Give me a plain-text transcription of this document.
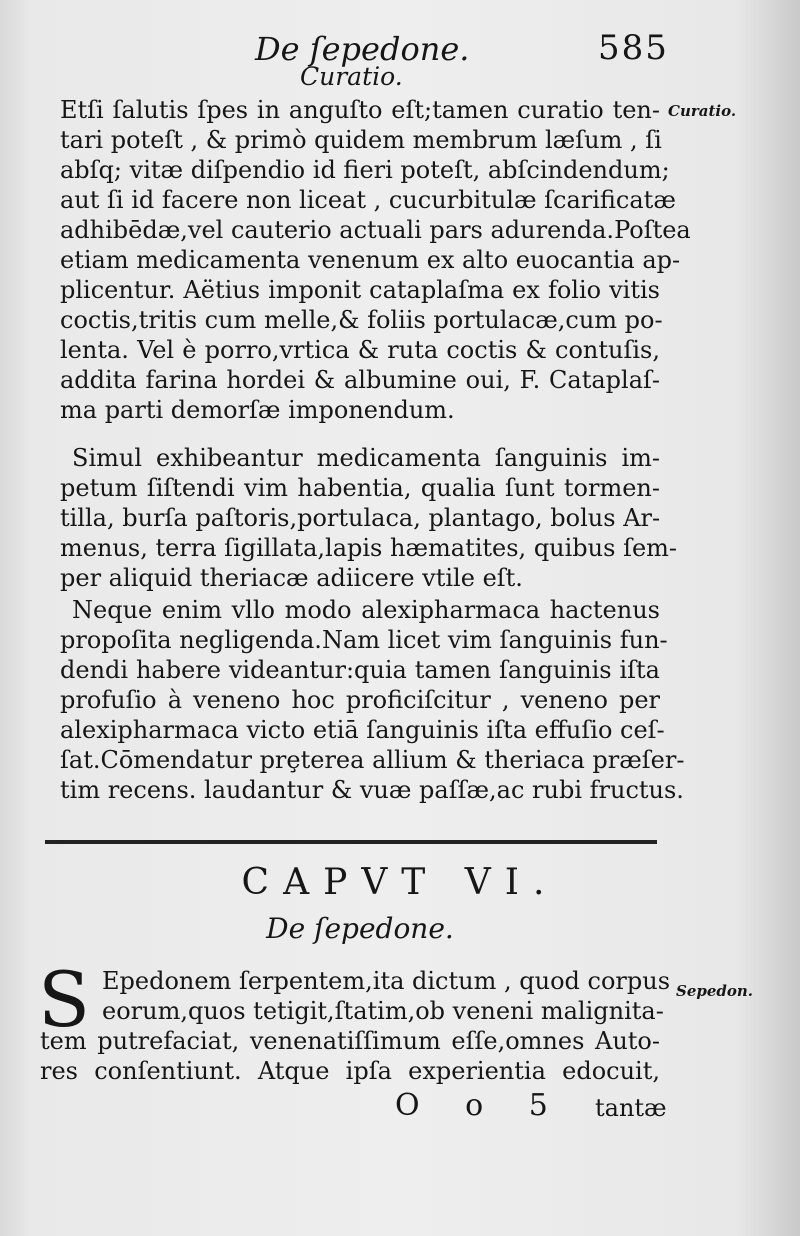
De ſepedone.	585
Curatio.
Curatio.
Etſi ſalutis ſpes in anguſto eſt;tamen curatio ten-
tari poteſt , & primò quidem membrum læſum , ſi
abſq; vitæ diſpendio id fieri poteſt, abſcindendum;
aut ſi id facere non liceat , cucurbitulæ ſcarificatæ
adhibēdæ,vel cauterio actuali pars adurenda.Poſtea
etiam medicamenta venenum ex alto euocantia ap-
plicentur. Aëtius imponit cataplaſma ex folio vitis
coctis,tritis cum melle,& foliis portulacæ,cum po-
lenta. Vel è porro,vrtica & ruta coctis & contuſis,
addita farina hordei & albumine oui, F. Cataplaſ-
ma parti demorſæ imponendum.
Simul exhibeantur medicamenta ſanguinis im-
petum ſiſtendi vim habentia, qualia ſunt tormen-
tilla, burſa paſtoris,portulaca, plantago, bolus Ar-
menus, terra ſigillata,lapis hæmatites, quibus ſem-
per aliquid theriacæ adiicere vtile eſt.
Neque enim vllo modo alexipharmaca hactenus
propoſita negligenda.Nam licet vim ſanguinis fun-
dendi habere videantur:quia tamen ſanguinis iſta
profuſio à veneno hoc proficiſcitur , veneno per
alexipharmaca victo etiā ſanguinis iſta effuſio ceſ-
ſat.Cōmendatur prȩterea allium & theriaca præſer-
tim recens. laudantur & vuæ paſſæ,ac rubi fructus.
CAPVT VI.
De ſepedone.
Sepedon.
S Epedonem ſerpentem,ita dictum , quod corpus
eorum,quos tetigit,ſtatim,ob veneni malignita-
tem putrefaciat, venenatiſſimum eſſe,omnes Auto-
res conſentiunt. Atque ipſa experientia edocuit,
O o 5 tantæ
